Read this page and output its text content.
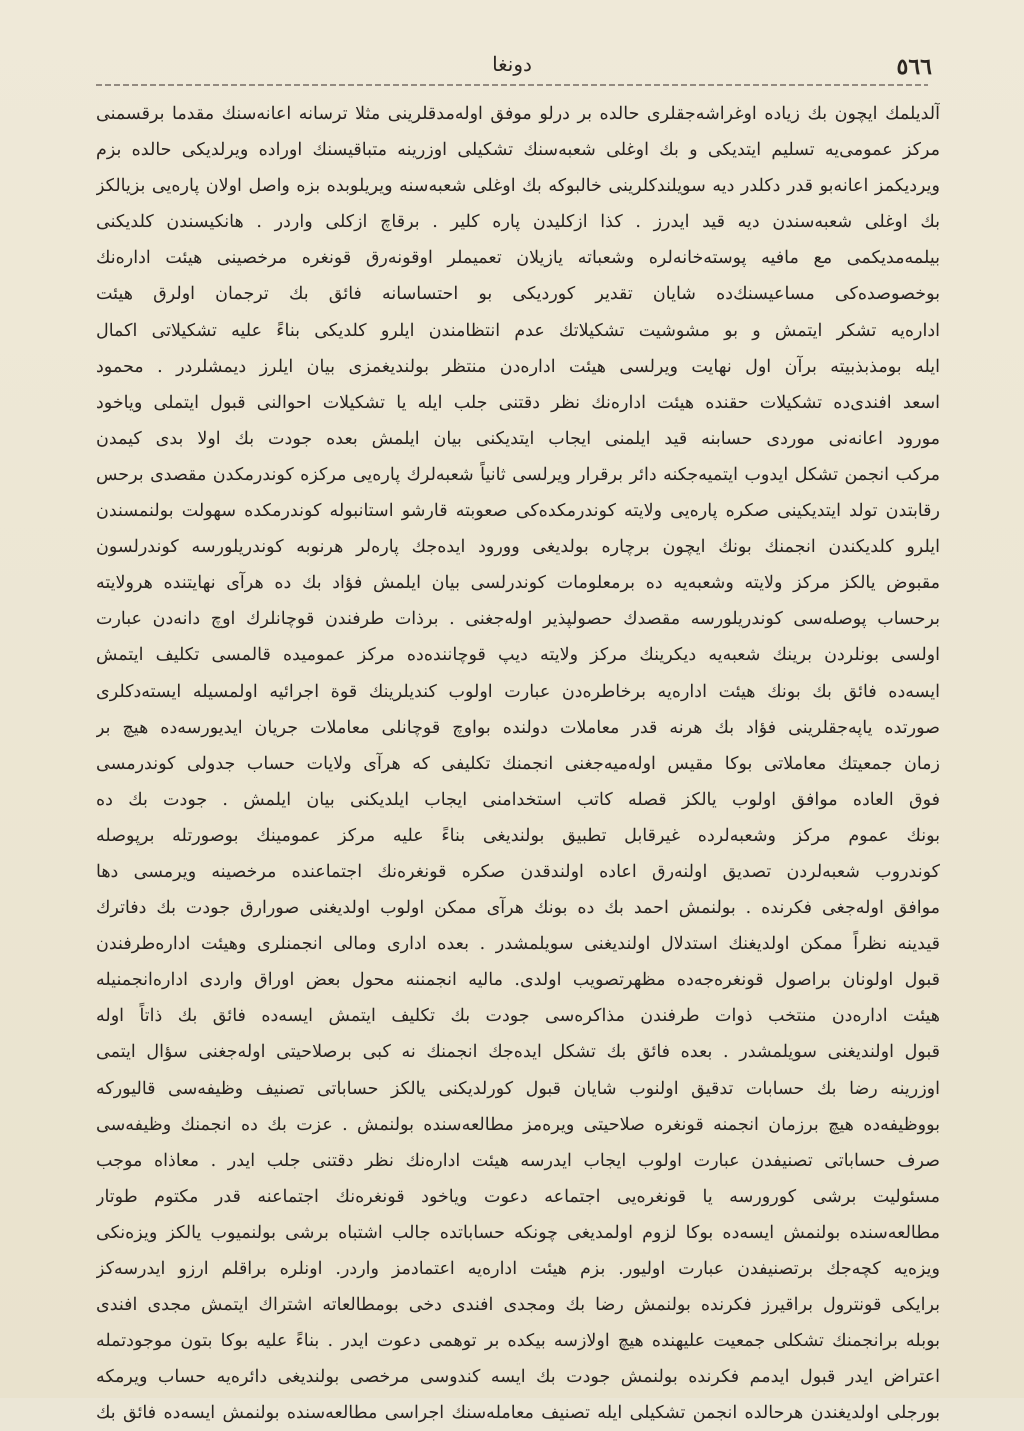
٥٦٦
دونغا
آلدیلمك ایچون بك زیاده اوغراشه‌جقلری حالده بر درلو موفق اوله‌مدقلرینی مثلا ترسانه اعانه‌سنك مقدما برقسمنی
مرکز عمومی‌یه تسلیم ایتدیکی و بك اوغلی شعبه‌سنك تشکیلی اوزرینه متباقیسنك اوراده ویرلدیکی حالده بزم
ویردیکمز اعانه‌بو قدر دکلدر دیه سویلندکلرینی خالبوکه بك اوغلی شعبه‌سنه ویریلوبده بزه واصل اولان پاره‌یی بزیالکز
بك اوغلی شعبه‌سندن دیه قید ایدرز . کذا ازکلیدن پاره کلیر . برقاچ ازکلی واردر . هانکیسندن کلدیکنی
بیلمه‌مدیکمی مع مافیه پوسته‌خانه‌لره وشعباته یازیلان تعمیملر اوقونه‌رق قونغره مرخصینی هیئت اداره‌نك
بوخصوصده‌کی مساعیسنك‌ده شایان تقدیر کوردیکی بو احتساسانه فائق بك ترجمان اولرق هیئت
اداره‌یه تشکر ایتمش و بو مشوشیت تشکیلاتك عدم انتظامندن ایلرو کلدیکی بناءً علیه تشکیلاتی اکمال
ایله بومذبذبیته برآن اول نهایت ویرلسی هیئت اداره‌دن منتظر بولندیغمزی بیان ایلرز دیمشلردر . محمود
اسعد افندی‌ده تشکیلات حقنده هیئت اداره‌نك نظر دقتنی جلب ایله یا تشکیلات احوالنی قبول ایتملی ویاخود
مورود اعانه‌نی موردی حسابنه قید ایلمنی ایجاب ایتدیکنی بیان ایلمش بعده جودت بك اولا بدی کیمدن
مرکب انجمن تشکل ایدوب ایتمیه‌جکنه دائر برقرار ویرلسی ثانیاً شعبه‌لرك پاره‌یی مرکزه کوندرمکدن مقصدی برحس
رقابتدن تولد ایتدیکینی صکره پاره‌یی ولایته کوندرمکده‌کی صعوبته قارشو استانبوله کوندرمکده سهولت بولنمسندن
ایلرو کلدیکندن انجمنك بونك ایچون برچاره بولدیغی وورود ایده‌جك پاره‌لر هرنوبه کوندریلورسه کوندرلسون
مقبوض یالکز مرکز ولایته وشعبه‌یه ده برمعلومات کوندرلسی بیان ایلمش فؤاد بك ده هرآی نهایتنده هرولایته
برحساب پوصله‌سی کوندریلورسه مقصدك حصولپذیر اوله‌جغنی . برذات طرفندن قوچانلرك اوچ دانه‌دن عبارت
اولسی بونلردن برینك شعبه‌یه دیکرینك مرکز ولایته دیپ قوچاننده‌ده مرکز عمومیده قالمسی تکلیف ایتمش
ایسه‌ده فائق بك بونك هیئت اداره‌یه برخاطره‌دن عبارت اولوب کندیلرینك قوة اجرائیه اولمسیله ایسته‌دکلری
صورتده یاپه‌جقلرینی فؤاد بك هرنه قدر معاملات دولنده بواوچ قوچانلی معاملات جریان ایدیورسه‌ده هیچ بر
زمان جمعیتك معاملاتی بوکا مقیس اوله‌میه‌جغنی انجمنك تکلیفی که هرآی ولایات حساب جدولی کوندرمسی
فوق العاده موافق اولوب یالکز قصله کاتب استخدامنی ایجاب ایلدیکنی بیان ایلمش . جودت بك ده
بونك عموم مرکز وشعبه‌لرده غیرقابل تطبیق بولندیغی بناءً علیه مرکز عمومینك بوصورتله برپوصله
کوندروب شعبه‌لردن تصدیق اولنه‌رق اعاده اولندقدن صکره قونغره‌نك اجتماعنده مرخصینه ویرمسی دها
موافق اوله‌جغی فکرنده . بولنمش احمد بك ده بونك هرآی ممکن اولوب اولدیغنی صورارق جودت بك دفاترك
قیدینه نظراً ممکن اولدیغنك استدلال اولندیغنی سویلمشدر . بعده اداری ومالی انجمنلری وهیئت اداره‌طرفندن
قبول اولونان براصول قونغره‌جه‌ده مظهرتصویب اولدی. مالیه انجمننه محول بعض اوراق واردی اداره‌انجمنیله
هیئت اداره‌دن منتخب ذوات طرفندن مذاکره‌سی جودت بك تکلیف ایتمش ایسه‌ده فائق بك ذاتاً اوله
قبول اولندیغنی سویلمشدر . بعده فائق بك تشکل ایده‌جك انجمنك نه کبی برصلاحیتی اوله‌جغنی سؤال ایتمی
اوزرینه رضا بك حسابات تدقیق اولنوب شایان قبول کورلدیکنی یالکز حساباتی تصنیف وظیفه‌سی قالیورکه
بووظیفه‌ده هیچ برزمان انجمنه قونغره صلاحیتی ویره‌مز مطالعه‌سنده بولنمش . عزت بك ده انجمنك وظیفه‌سی
صرف حساباتی تصنیفدن عبارت اولوب ایجاب ایدرسه هیئت اداره‌نك نظر دقتنی جلب ایدر . معاذاه موجب
مسئولیت برشی کورورسه یا قونغره‌یی اجتماعه دعوت ویاخود قونغره‌نك اجتماعنه قدر مکتوم طوتار
مطالعه‌سنده بولنمش ایسه‌ده بوکا لزوم اولمدیغی چونکه حساباتده جالب اشتباه برشی بولنمیوب یالکز ویزه‌نکی
ویزه‌یه کچه‌جك برتصنیفدن عبارت اولیور. بزم هیئت اداره‌یه اعتمادمز واردر. اونلره براقلم ارزو ایدرسه‌کز
برایکی قونترول براقیرز فکرنده بولنمش رضا بك ومجدی افندی دخی بومطالعاته اشتراك ایتمش مجدی افندی
بوبله برانجمنك تشکلی جمعیت علیهنده هیچ اولازسه بیکده بر توهمی دعوت ایدر . بناءً علیه بوکا بتون موجودتمله
اعتراض ایدر قبول ایدمم فکرنده بولنمش جودت بك ایسه کندوسی مرخصی بولندیغی دائره‌یه حساب ویرمکه
بورجلی اولدیغندن هرحالده انجمن تشکیلی ایله تصنیف معامله‌سنك اجراسی مطالعه‌سنده بولنمش ایسه‌ده فائق بك
